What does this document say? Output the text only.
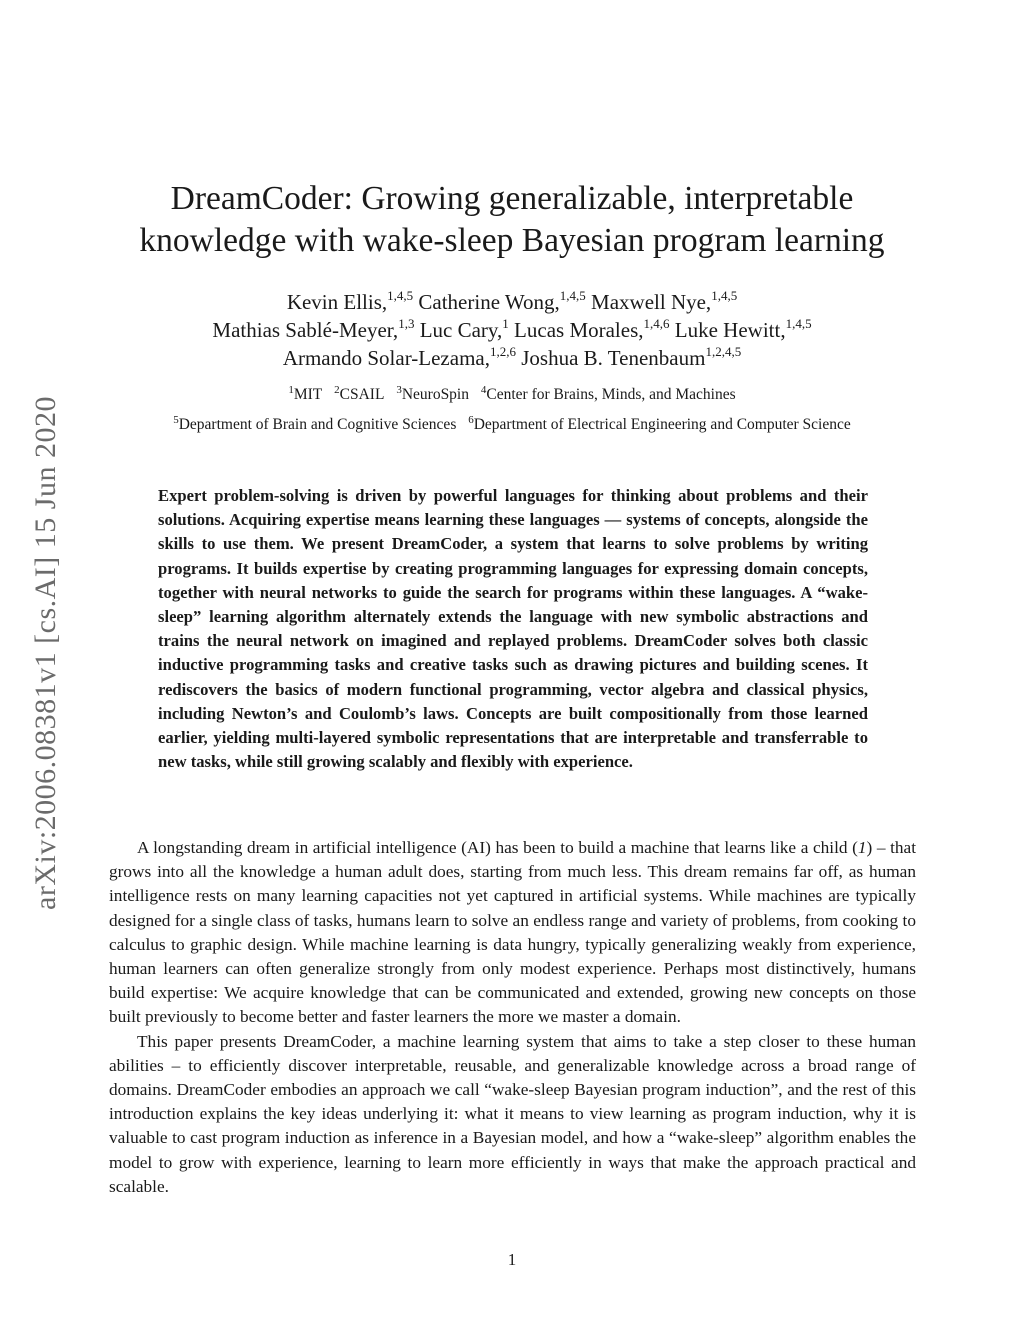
arXiv:2006.08381v1 [cs.AI] 15 Jun 2020
DreamCoder: Growing generalizable, interpretable
knowledge with wake-sleep Bayesian program learning
Kevin Ellis,$^{1,4,5}$ Catherine Wong,$^{1,4,5}$ Maxwell Nye,$^{1,4,5}$
Mathias Sablé-Meyer,$^{1,3}$ Luc Cary,$^1$ Lucas Morales,$^{1,4,6}$ Luke Hewitt,$^{1,4,5}$
Armando Solar-Lezama,$^{1,2,6}$ Joshua B. Tenenbaum$^{1,2,4,5}$
$^1$MIT $^2$CSAIL $^3$NeuroSpin $^4$Center for Brains, Minds, and Machines
$^5$Department of Brain and Cognitive Sciences $^6$Department of Electrical Engineering and Computer Science

Expert problem-solving is driven by powerful languages for thinking about problems and their solutions. Acquiring expertise means learning these languages — systems of concepts, alongside the skills to use them. We present DreamCoder, a system that learns to solve problems by writing programs. It builds expertise by creating programming languages for expressing domain concepts, together with neural networks to guide the search for programs within these languages. A “wake-sleep” learning algorithm alternately extends the language with new symbolic abstractions and trains the neural network on imagined and replayed problems. DreamCoder solves both classic inductive programming tasks and creative tasks such as drawing pictures and building scenes. It rediscovers the basics of modern functional programming, vector algebra and classical physics, including Newton’s and Coulomb’s laws. Concepts are built compositionally from those learned earlier, yielding multi-layered symbolic representations that are interpretable and transferrable to new tasks, while still growing scalably and flexibly with experience.

A longstanding dream in artificial intelligence (AI) has been to build a machine that learns like a child (1) – that grows into all the knowledge a human adult does, starting from much less. This dream remains far off, as human intelligence rests on many learning capacities not yet captured in artificial systems. While machines are typically designed for a single class of tasks, humans learn to solve an endless range and variety of problems, from cooking to calculus to graphic design. While machine learning is data hungry, typically generalizing weakly from experience, human learners can often generalize strongly from only modest experience. Perhaps most distinctively, humans build expertise: We acquire knowledge that can be communicated and extended, growing new concepts on those built previously to become better and faster learners the more we master a domain.

This paper presents DreamCoder, a machine learning system that aims to take a step closer to these human abilities – to efficiently discover interpretable, reusable, and generalizable knowledge across a broad range of domains. DreamCoder embodies an approach we call “wake-sleep Bayesian program induction”, and the rest of this introduction explains the key ideas underlying it: what it means to view learning as program induction, why it is valuable to cast program induction as inference in a Bayesian model, and how a “wake-sleep” algorithm enables the model to grow with experience, learning to learn more efficiently in ways that make the approach practical and scalable.

1
